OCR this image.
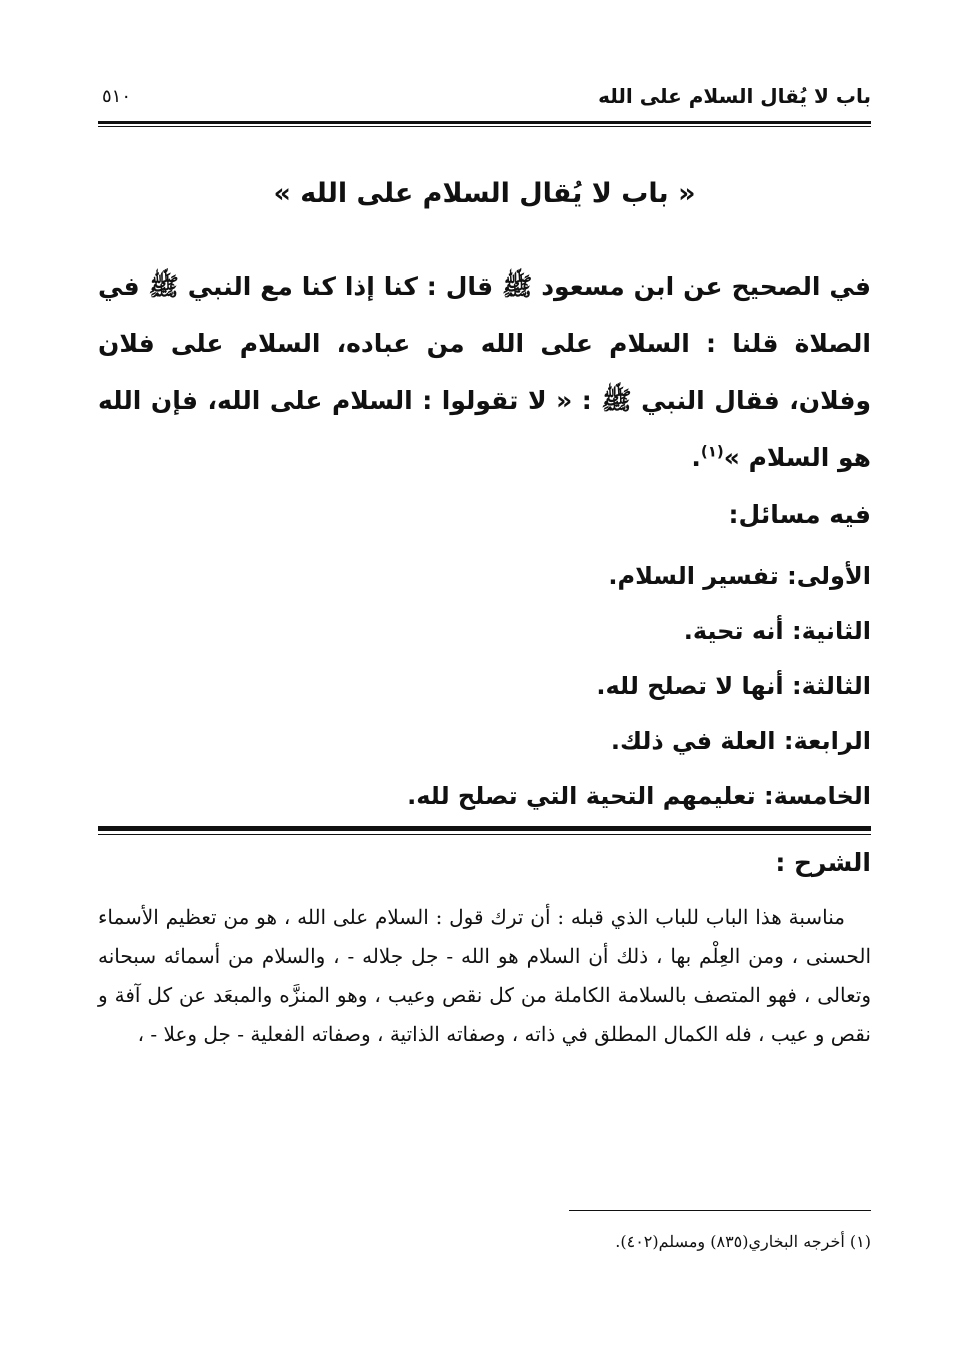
باب لا يُقال السلام على الله
٥١٠
« باب لا يُقال السلام على الله »
في الصحيح عن ابن مسعود ﷺ قال : كنا إذا كنا مع النبي ﷺ في الصلاة قلنا : السلام على الله من عباده، السلام على فلان وفلان، فقال النبي ﷺ : « لا تقولوا : السلام على الله، فإن الله هو السلام »$^{(١)}$.
فيه مسائل:
الأولى: تفسير السلام.
الثانية: أنه تحية.
الثالثة: أنها لا تصلح لله.
الرابعة: العلة في ذلك.
الخامسة: تعليمهم التحية التي تصلح لله.
الشرح :
مناسبة هذا الباب للباب الذي قبله : أن ترك قول : السلام على الله ، هو من تعظيم الأسماء الحسنى ، ومن العِلْم بها ، ذلك أن السلام هو الله - جل جلاله - ، والسلام من أسمائه سبحانه وتعالى ، فهو المتصف بالسلامة الكاملة من كل نقص وعيب ، وهو المنزَّه والمبعَد عن كل آفة و نقص و عيب ، فله الكمال المطلق في ذاته ، وصفاته الذاتية ، وصفاته الفعلية - جل وعلا - ،
(١) أخرجه البخاري(٨٣٥) ومسلم(٤٠٢).
